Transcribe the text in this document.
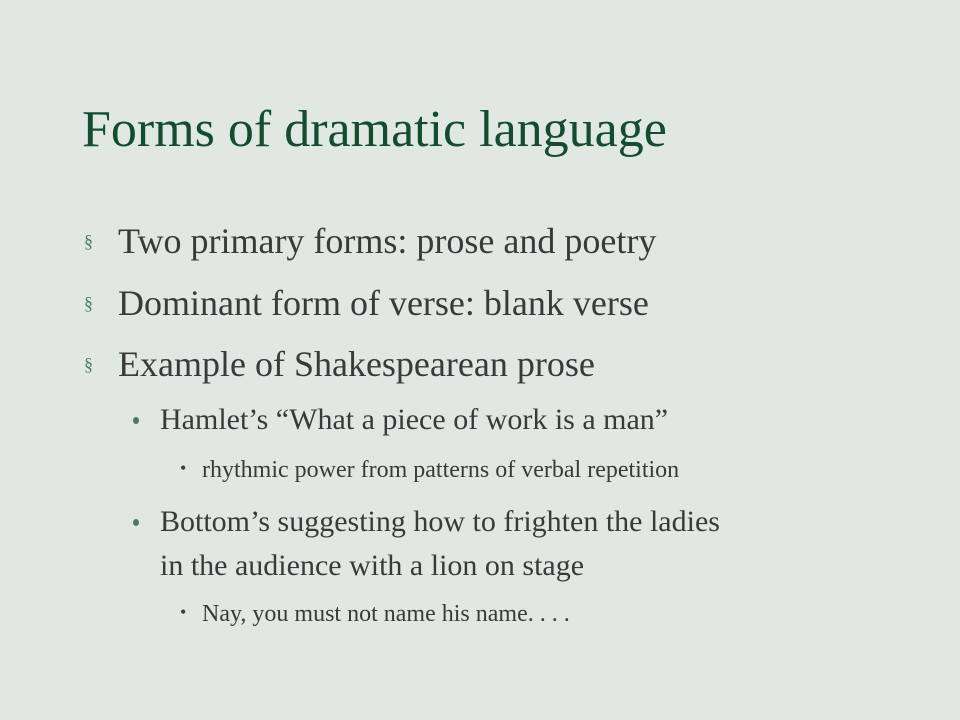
Forms of dramatic language
§ Two primary forms: prose and poetry
§ Dominant form of verse: blank verse
§ Example of Shakespearean prose
Hamlet’s “What a piece of work is a man”
• rhythmic power from patterns of verbal repetition
Bottom’s suggesting how to frighten the ladies
in the audience with a lion on stage
• Nay, you must not name his name. . . .
